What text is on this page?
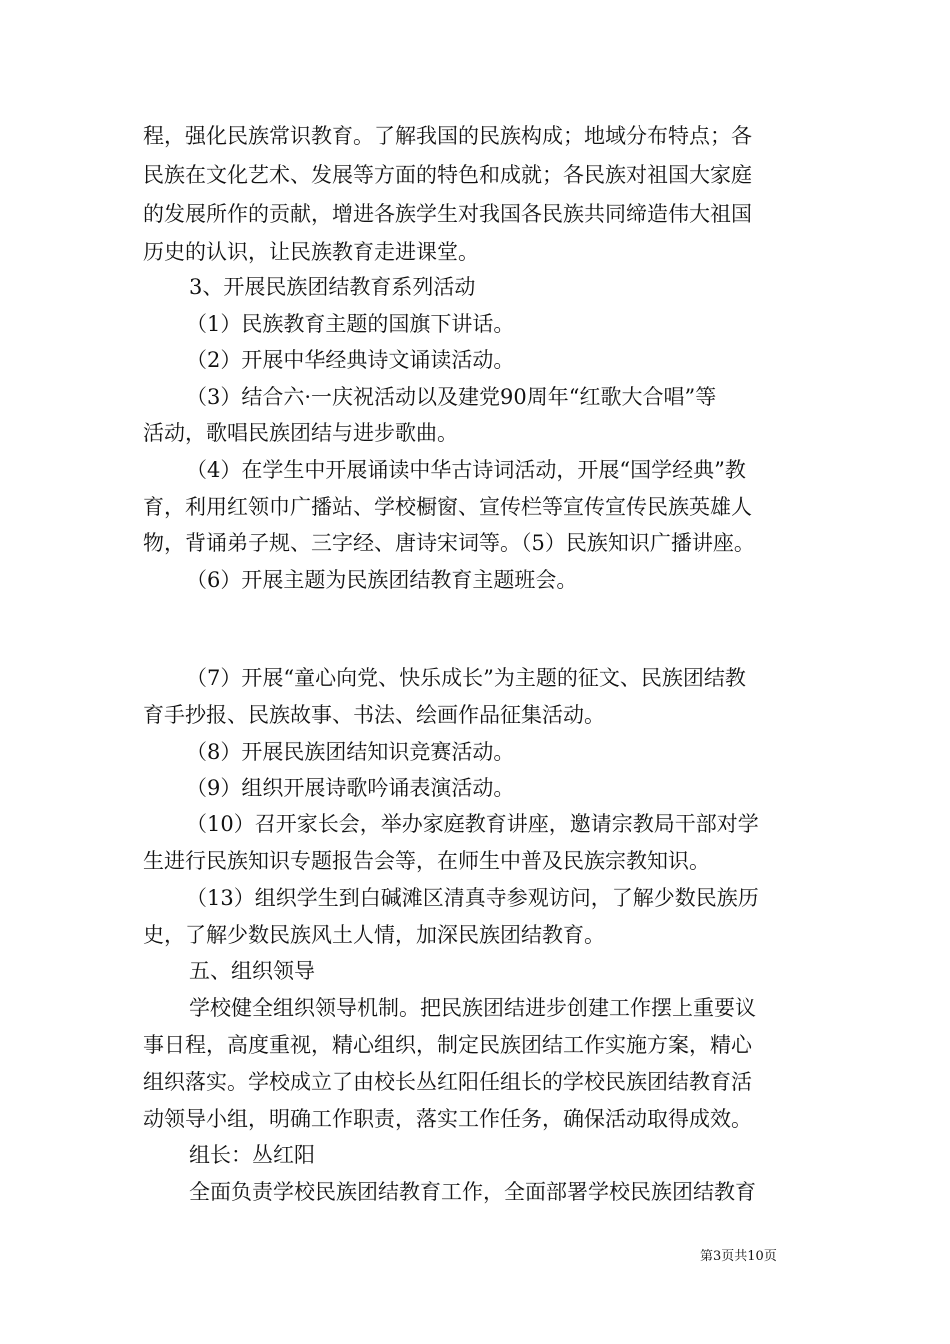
程，强化民族常识教育。了解我国的民族构成；地域分布特点；各
民族在文化艺术、发展等方面的特色和成就；各民族对祖国大家庭
的发展所作的贡献，增进各族学生对我国各民族共同缔造伟大祖国
历史的认识，让民族教育走进课堂。
3、开展民族团结教育系列活动
（1）民族教育主题的国旗下讲话。
（2）开展中华经典诗文诵读活动。
（3）结合六·一庆祝活动以及建党90周年“红歌大合唱”等
活动，歌唱民族团结与进步歌曲。
（4）在学生中开展诵读中华古诗词活动，开展“国学经典”教
育，利用红领巾广播站、学校橱窗、宣传栏等宣传宣传民族英雄人
物，背诵弟子规、三字经、唐诗宋词等。（5）民族知识广播讲座。
（6）开展主题为民族团结教育主题班会。
（7）开展“童心向党、快乐成长”为主题的征文、民族团结教
育手抄报、民族故事、书法、绘画作品征集活动。
（8）开展民族团结知识竞赛活动。
（9）组织开展诗歌吟诵表演活动。
（10）召开家长会，举办家庭教育讲座，邀请宗教局干部对学
生进行民族知识专题报告会等，在师生中普及民族宗教知识。
（13）组织学生到白碱滩区清真寺参观访问，了解少数民族历
史，了解少数民族风土人情，加深民族团结教育。
五、组织领导
学校健全组织领导机制。把民族团结进步创建工作摆上重要议
事日程，高度重视，精心组织，制定民族团结工作实施方案，精心
组织落实。学校成立了由校长丛红阳任组长的学校民族团结教育活
动领导小组，明确工作职责，落实工作任务，确保活动取得成效。
组长：丛红阳
全面负责学校民族团结教育工作，全面部署学校民族团结教育
第3页共10页
